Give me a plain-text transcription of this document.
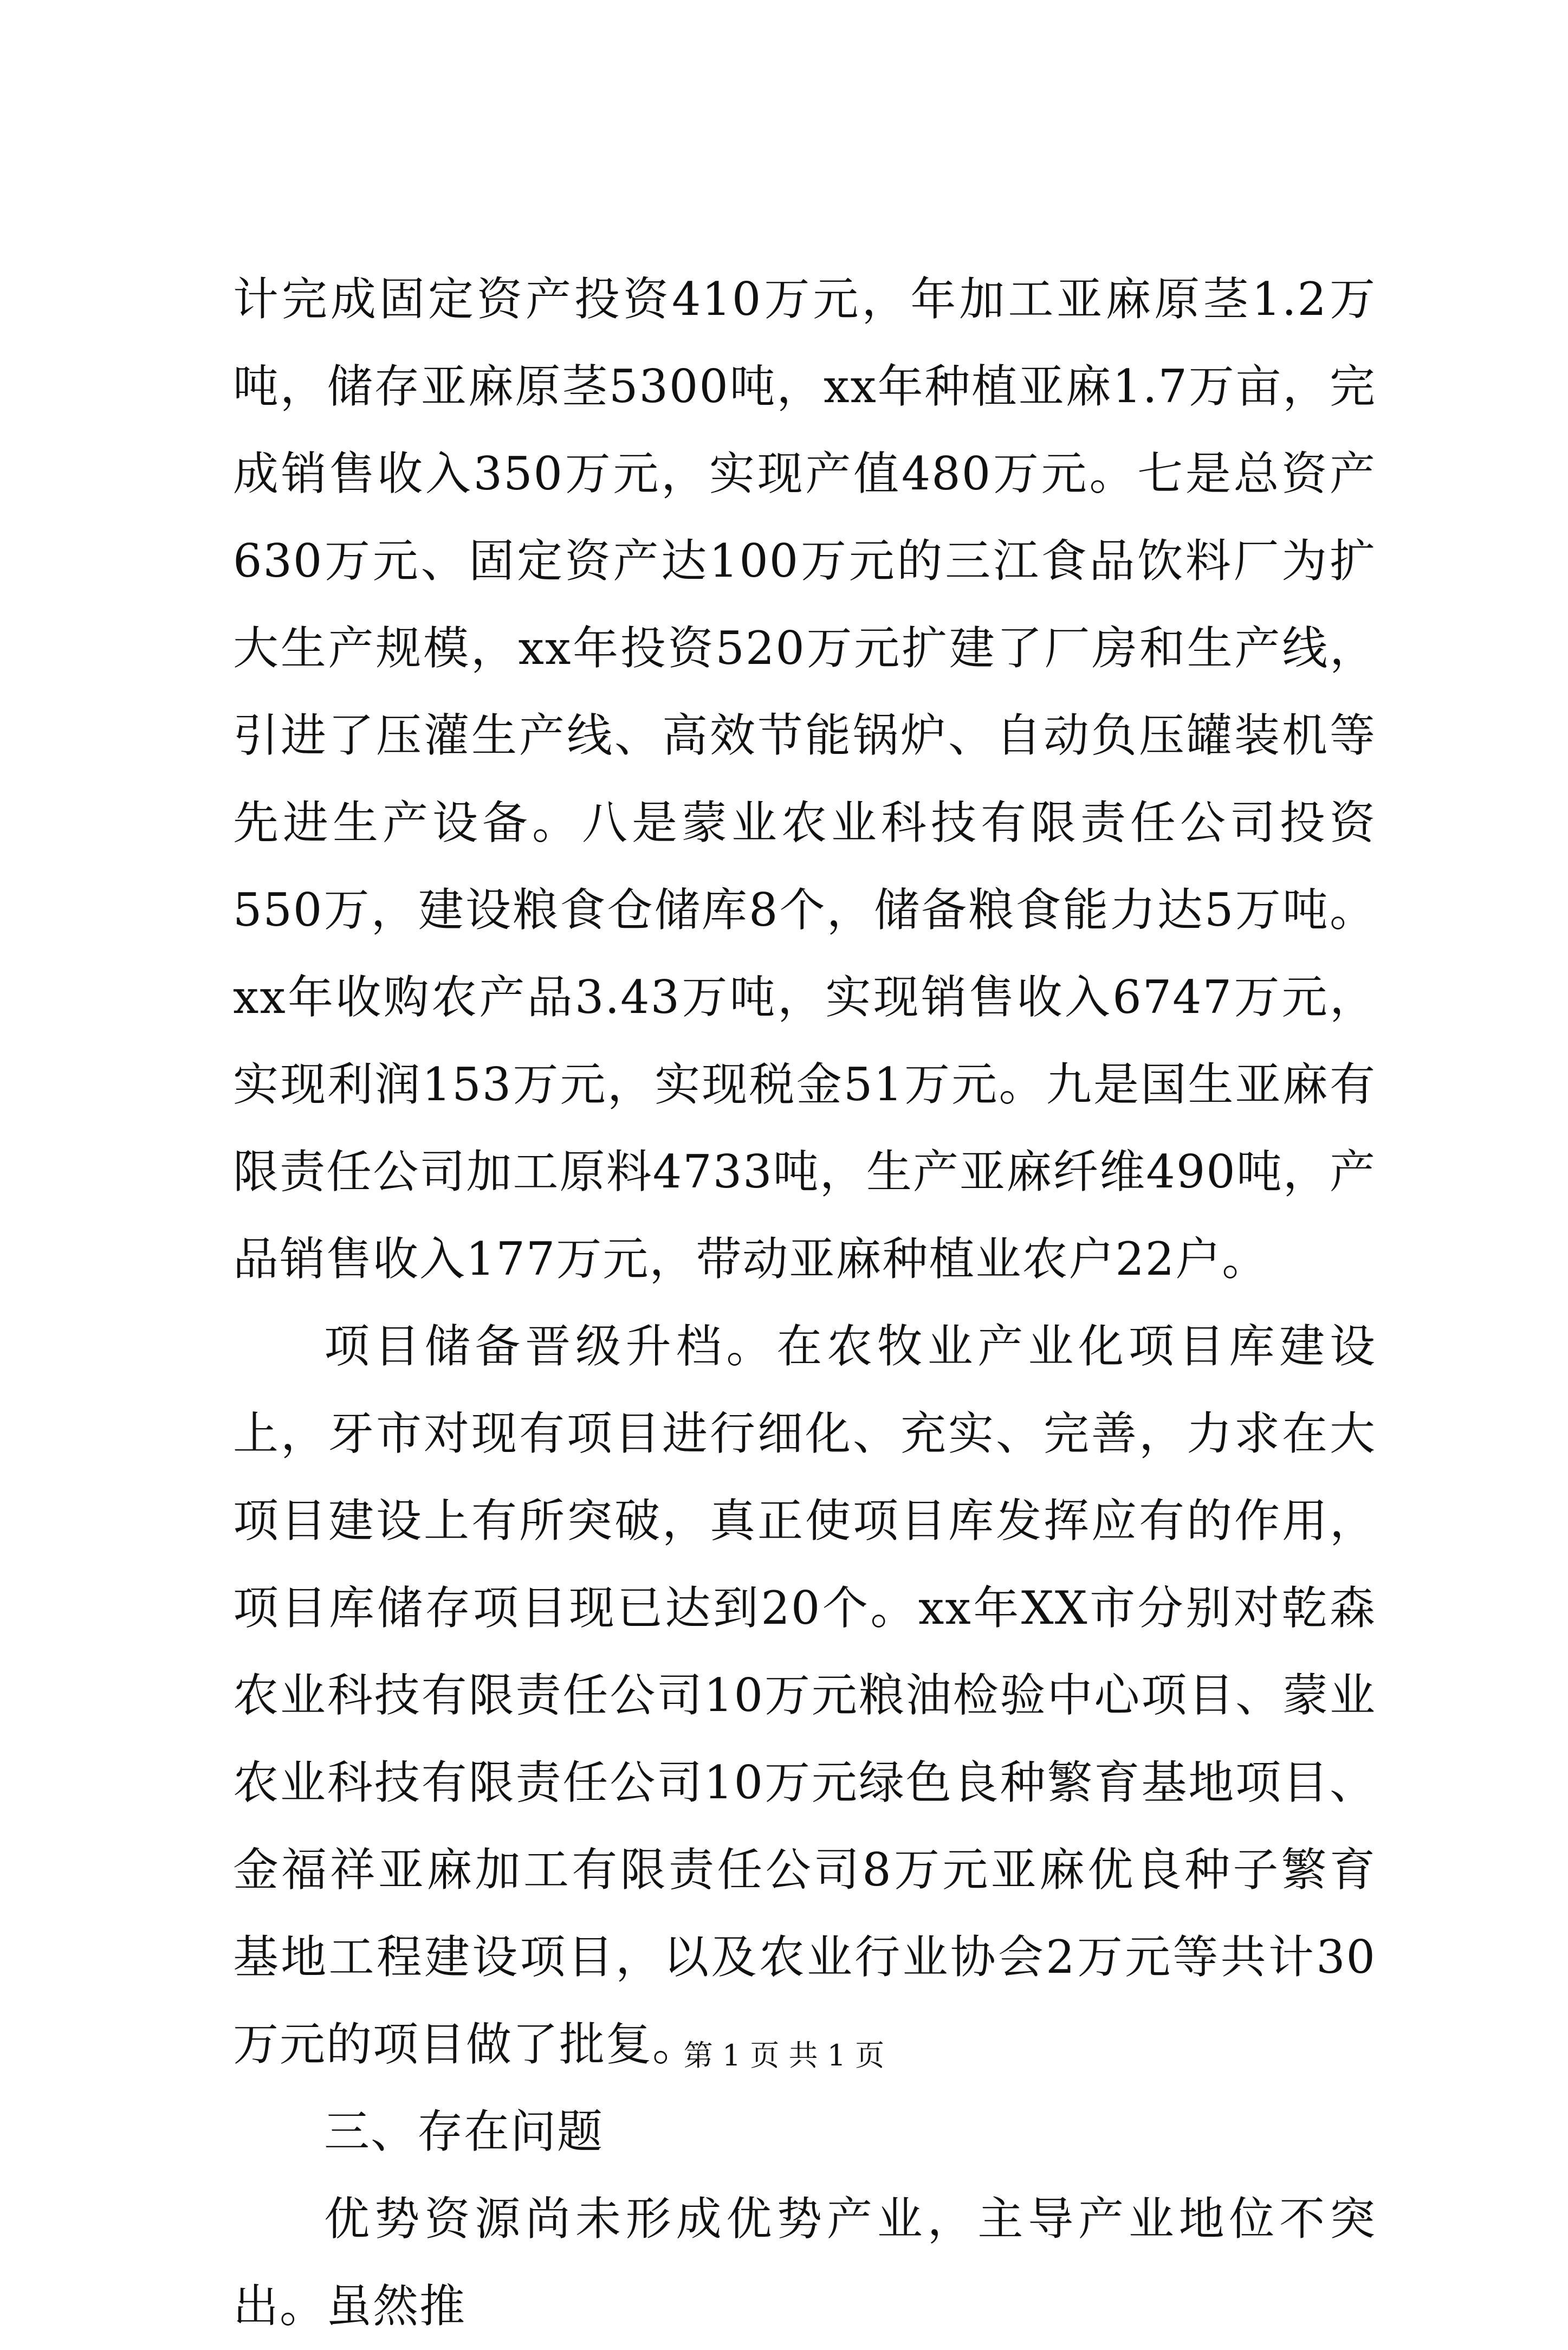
计完成固定资产投资410万元，年加工亚麻原茎1.2万吨，储存亚麻原茎5300吨，xx年种植亚麻1.7万亩，完成销售收入350万元，实现产值480万元。七是总资产630万元、固定资产达100万元的三江食品饮料厂为扩大生产规模，xx年投资520万元扩建了厂房和生产线，引进了压灌生产线、高效节能锅炉、自动负压罐装机等先进生产设备。八是蒙业农业科技有限责任公司投资550万，建设粮食仓储库8个，储备粮食能力达5万吨。xx年收购农产品3.43万吨，实现销售收入6747万元，实现利润153万元，实现税金51万元。九是国生亚麻有限责任公司加工原料4733吨，生产亚麻纤维490吨，产品销售收入177万元，带动亚麻种植业农户22户。

项目储备晋级升档。在农牧业产业化项目库建设上，牙市对现有项目进行细化、充实、完善，力求在大项目建设上有所突破，真正使项目库发挥应有的作用，项目库储存项目现已达到20个。xx年XX市分别对乾森农业科技有限责任公司10万元粮油检验中心项目、蒙业农业科技有限责任公司10万元绿色良种繁育基地项目、金福祥亚麻加工有限责任公司8万元亚麻优良种子繁育基地工程建设项目，以及农业行业协会2万元等共计30万元的项目做了批复。

三、存在问题

优势资源尚未形成优势产业，主导产业地位不突出。虽然推

第 1 页 共 1 页
